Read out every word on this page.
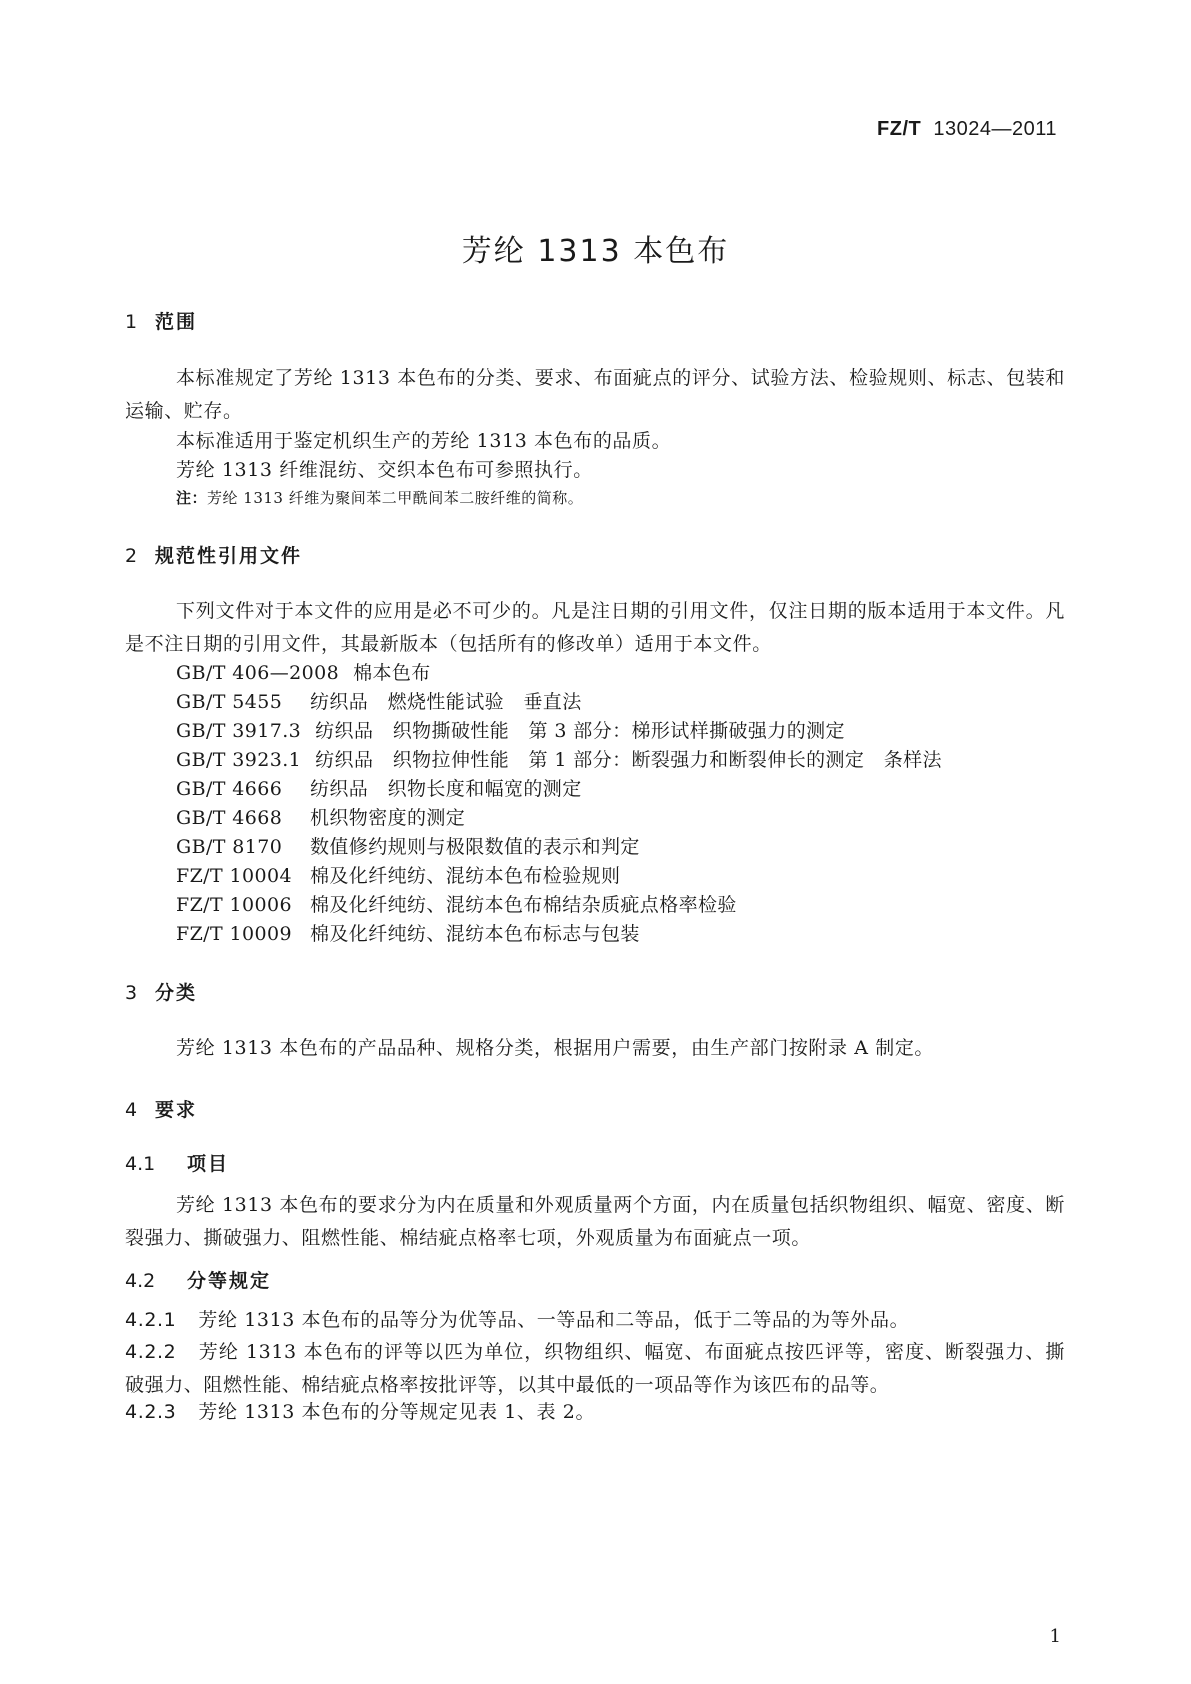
FZ/T 13024—2011
芳纶 1313 本色布
1 范围
本标准规定了芳纶 1313 本色布的分类、要求、布面疵点的评分、试验方法、检验规则、标志、包装和运输、贮存。
本标准适用于鉴定机织生产的芳纶 1313 本色布的品质。
芳纶 1313 纤维混纺、交织本色布可参照执行。
注：芳纶 1313 纤维为聚间苯二甲酰间苯二胺纤维的简称。
2 规范性引用文件
下列文件对于本文件的应用是必不可少的。凡是注日期的引用文件，仅注日期的版本适用于本文件。凡是不注日期的引用文件，其最新版本（包括所有的修改单）适用于本文件。
GB/T 406—2008 棉本色布
GB/T 5455 纺织品　燃烧性能试验　垂直法
GB/T 3917.3 纺织品　织物撕破性能　第 3 部分：梯形试样撕破强力的测定
GB/T 3923.1 纺织品　织物拉伸性能　第 1 部分：断裂强力和断裂伸长的测定　条样法
GB/T 4666 纺织品　织物长度和幅宽的测定
GB/T 4668 机织物密度的测定
GB/T 8170 数值修约规则与极限数值的表示和判定
FZ/T 10004 棉及化纤纯纺、混纺本色布检验规则
FZ/T 10006 棉及化纤纯纺、混纺本色布棉结杂质疵点格率检验
FZ/T 10009 棉及化纤纯纺、混纺本色布标志与包装
3 分类
芳纶 1313 本色布的产品品种、规格分类，根据用户需要，由生产部门按附录 A 制定。
4 要求
4.1 项目
芳纶 1313 本色布的要求分为内在质量和外观质量两个方面，内在质量包括织物组织、幅宽、密度、断裂强力、撕破强力、阻燃性能、棉结疵点格率七项，外观质量为布面疵点一项。
4.2 分等规定
4.2.1 芳纶 1313 本色布的品等分为优等品、一等品和二等品，低于二等品的为等外品。
4.2.2 芳纶 1313 本色布的评等以匹为单位，织物组织、幅宽、布面疵点按匹评等，密度、断裂强力、撕破强力、阻燃性能、棉结疵点格率按批评等，以其中最低的一项品等作为该匹布的品等。
4.2.3 芳纶 1313 本色布的分等规定见表 1、表 2。
1
